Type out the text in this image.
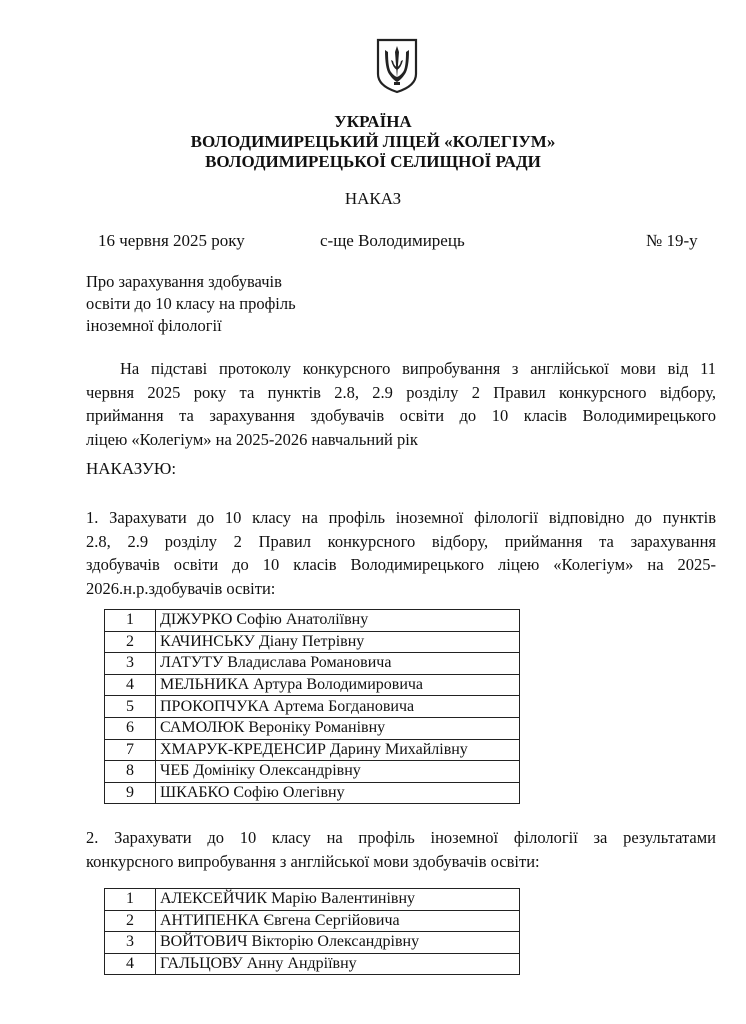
УКРАЇНА
ВОЛОДИМИРЕЦЬКИЙ ЛІЦЕЙ «КОЛЕГІУМ»
ВОЛОДИМИРЕЦЬКОЇ СЕЛИЩНОЇ РАДИ
НАКАЗ
16 червня 2025 року	с-ще Володимирець	№ 19-у
Про зарахування здобувачів
освіти до 10 класу на профіль
іноземної філології
На підставі протоколу конкурсного випробування з англійської мови від 11
червня 2025 року та пунктів 2.8, 2.9 розділу 2 Правил конкурсного відбору,
приймання та зарахування здобувачів освіти до 10 класів Володимирецького
ліцею «Колегіум» на 2025-2026 навчальний рік
НАКАЗУЮ:
1. Зарахувати до 10 класу на профіль іноземної філології відповідно до пунктів
2.8, 2.9 розділу 2 Правил конкурсного відбору, приймання та зарахування
здобувачів освіти до 10 класів Володимирецького ліцею «Колегіум» на 2025-
2026.н.р.здобувачів освіти:
1	ДІЖУРКО Софію Анатоліївну
2	КАЧИНСЬКУ Діану Петрівну
3	ЛАТУТУ Владислава Романовича
4	МЕЛЬНИКА Артура Володимировича
5	ПРОКОПЧУКА Артема Богдановича
6	САМОЛЮК Вероніку Романівну
7	ХМАРУК-КРЕДЕНСИР Дарину Михайлівну
8	ЧЕБ Домініку Олександрівну
9	ШКАБКО Софію Олегівну
2. Зарахувати до 10 класу на профіль іноземної філології за результатами
конкурсного випробування з англійської мови здобувачів освіти:
1	АЛЕКСЕЙЧИК Марію Валентинівну
2	АНТИПЕНКА Євгена Сергійовича
3	ВОЙТОВИЧ Вікторію Олександрівну
4	ГАЛЬЦОВУ Анну Андріївну
